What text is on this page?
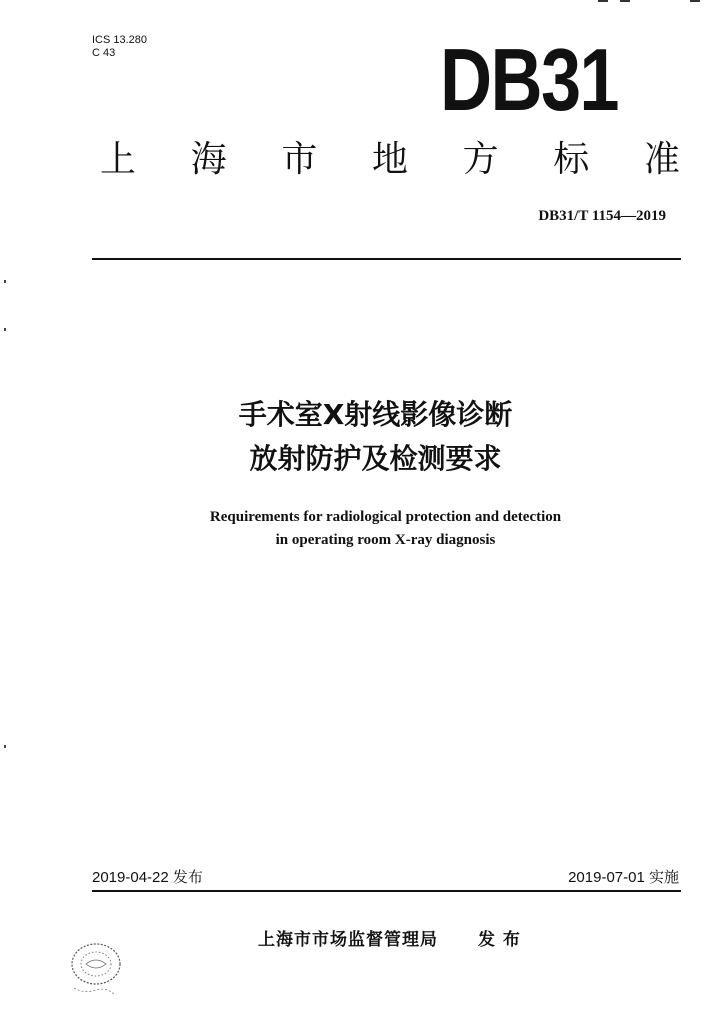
ICS 13.280
C 43	DB31
上 海 市 地 方 标 准
DB31/T 1154—2019
手术室X射线影像诊断
放射防护及检测要求
Requirements for radiological protection and detection
in operating room X-ray diagnosis
2019-04-22 发布	2019-07-01 实施
上海市市场监督管理局 发 布
